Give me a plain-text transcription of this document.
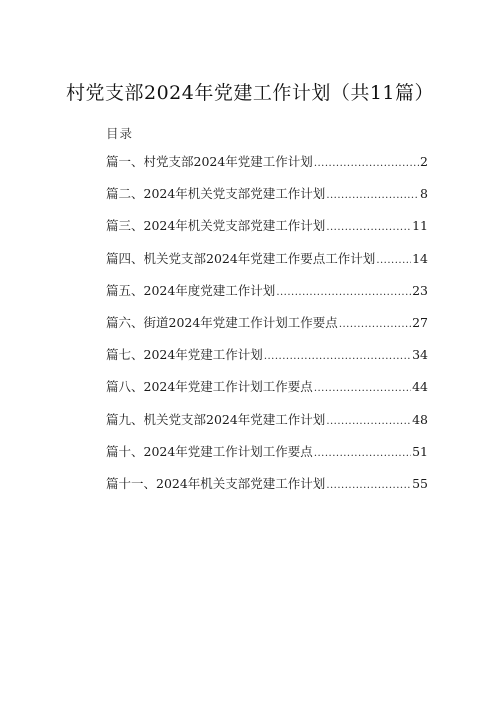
村党支部2024年党建工作计划（共11篇）
目录
篇一、村党支部2024年党建工作计划 .....	2
篇二、2024年机关党支部党建工作计划 .....	8
篇三、2024年机关党支部党建工作计划 .....	11
篇四、机关党支部2024年党建工作要点工作计划 .....	14
篇五、2024年度党建工作计划 .....	23
篇六、街道2024年党建工作计划工作要点 .....	27
篇七、2024年党建工作计划 .....	34
篇八、2024年党建工作计划工作要点 .....	44
篇九、机关党支部2024年党建工作计划 .....	48
篇十、2024年党建工作计划工作要点 .....	51
篇十一、2024年机关支部党建工作计划 .....	55
